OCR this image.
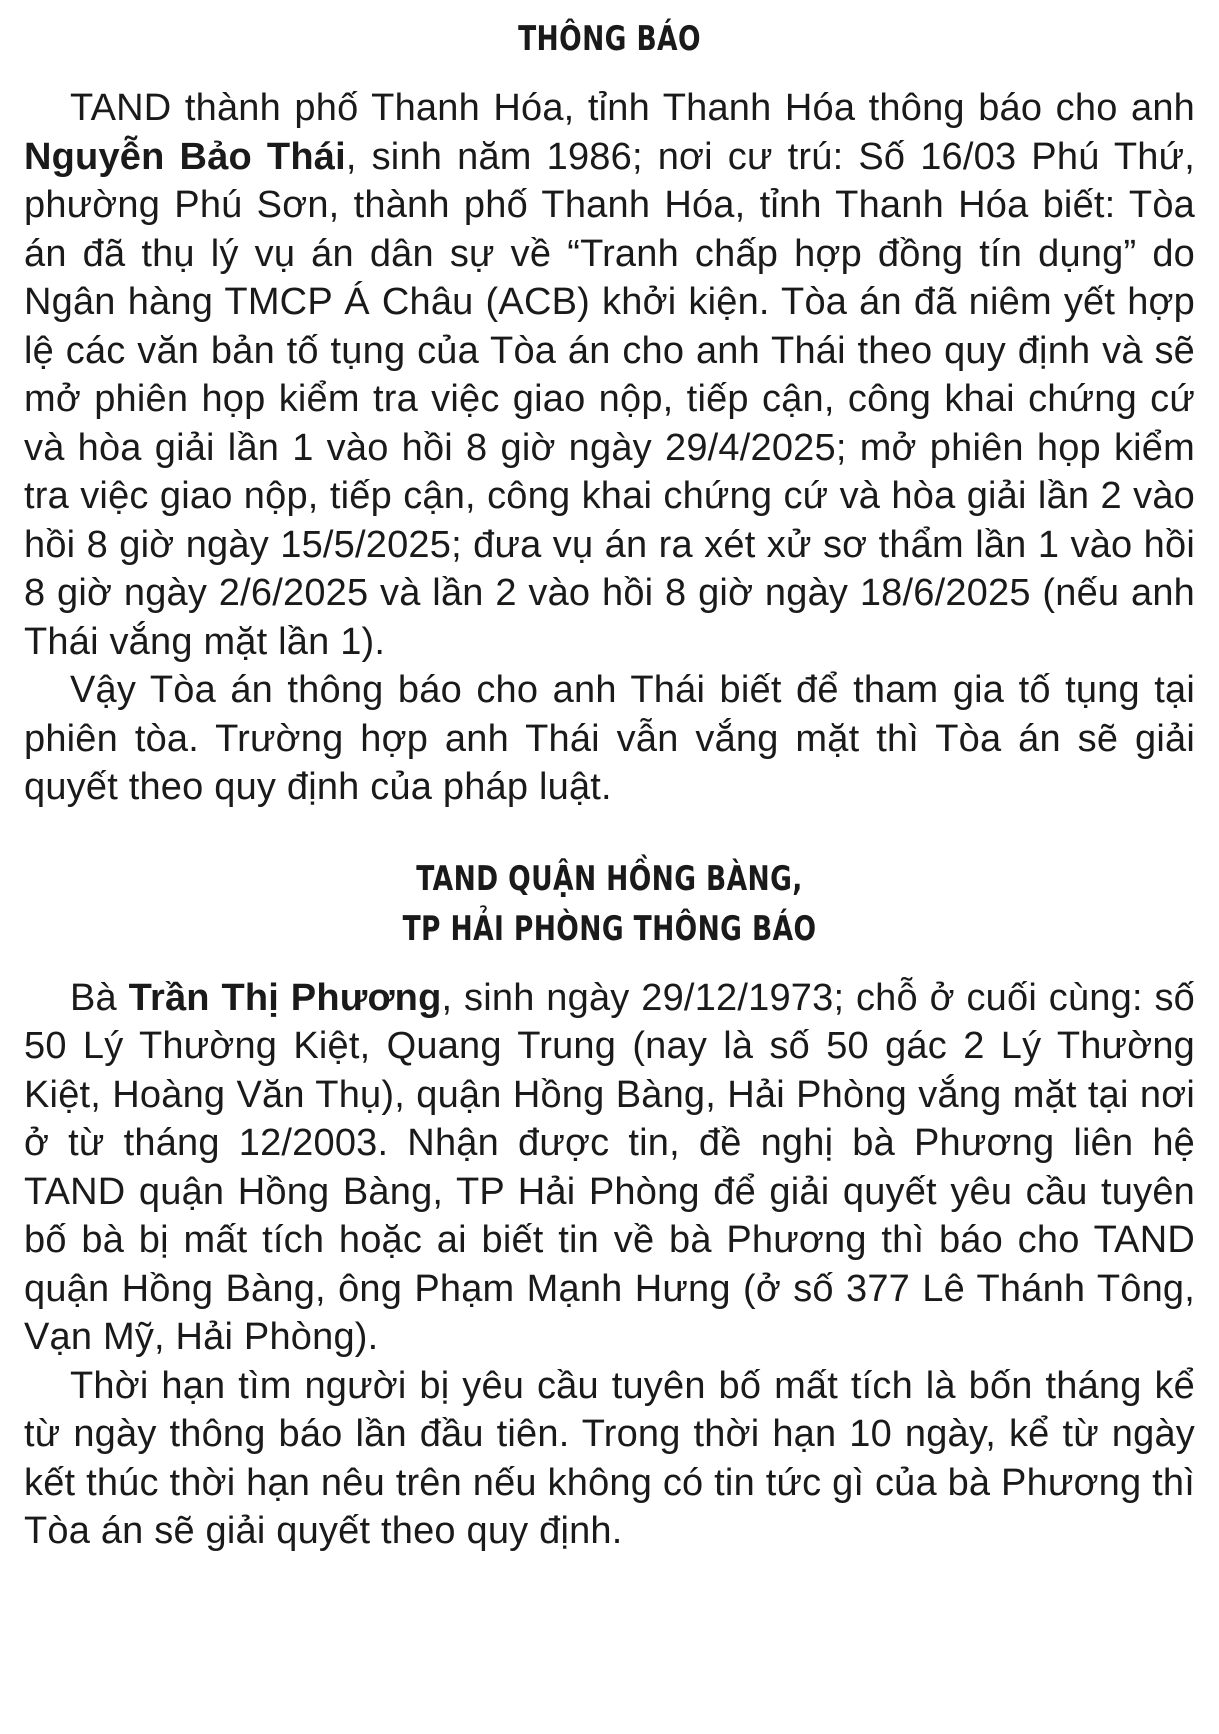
THÔNG BÁO

TAND thành phố Thanh Hóa, tỉnh Thanh Hóa thông báo cho anh Nguyễn Bảo Thái, sinh năm 1986; nơi cư trú: Số 16/03 Phú Thứ, phường Phú Sơn, thành phố Thanh Hóa, tỉnh Thanh Hóa biết: Tòa án đã thụ lý vụ án dân sự về “Tranh chấp hợp đồng tín dụng” do Ngân hàng TMCP Á Châu (ACB) khởi kiện. Tòa án đã niêm yết hợp lệ các văn bản tố tụng của Tòa án cho anh Thái theo quy định và sẽ mở phiên họp kiểm tra việc giao nộp, tiếp cận, công khai chứng cứ và hòa giải lần 1 vào hồi 8 giờ ngày 29/4/2025; mở phiên họp kiểm tra việc giao nộp, tiếp cận, công khai chứng cứ và hòa giải lần 2 vào hồi 8 giờ ngày 15/5/2025; đưa vụ án ra xét xử sơ thẩm lần 1 vào hồi 8 giờ ngày 2/6/2025 và lần 2 vào hồi 8 giờ ngày 18/6/2025 (nếu anh Thái vắng mặt lần 1).

Vậy Tòa án thông báo cho anh Thái biết để tham gia tố tụng tại phiên tòa. Trường hợp anh Thái vẫn vắng mặt thì Tòa án sẽ giải quyết theo quy định của pháp luật.

TAND QUẬN HỒNG BÀNG,
TP HẢI PHÒNG THÔNG BÁO

Bà Trần Thị Phương, sinh ngày 29/12/1973; chỗ ở cuối cùng: số 50 Lý Thường Kiệt, Quang Trung (nay là số 50 gác 2 Lý Thường Kiệt, Hoàng Văn Thụ), quận Hồng Bàng, Hải Phòng vắng mặt tại nơi ở từ tháng 12/2003. Nhận được tin, đề nghị bà Phương liên hệ TAND quận Hồng Bàng, TP Hải Phòng để giải quyết yêu cầu tuyên bố bà bị mất tích hoặc ai biết tin về bà Phương thì báo cho TAND quận Hồng Bàng, ông Phạm Mạnh Hưng (ở số 377 Lê Thánh Tông, Vạn Mỹ, Hải Phòng).

Thời hạn tìm người bị yêu cầu tuyên bố mất tích là bốn tháng kể từ ngày thông báo lần đầu tiên. Trong thời hạn 10 ngày, kể từ ngày kết thúc thời hạn nêu trên nếu không có tin tức gì của bà Phương thì Tòa án sẽ giải quyết theo quy định.
